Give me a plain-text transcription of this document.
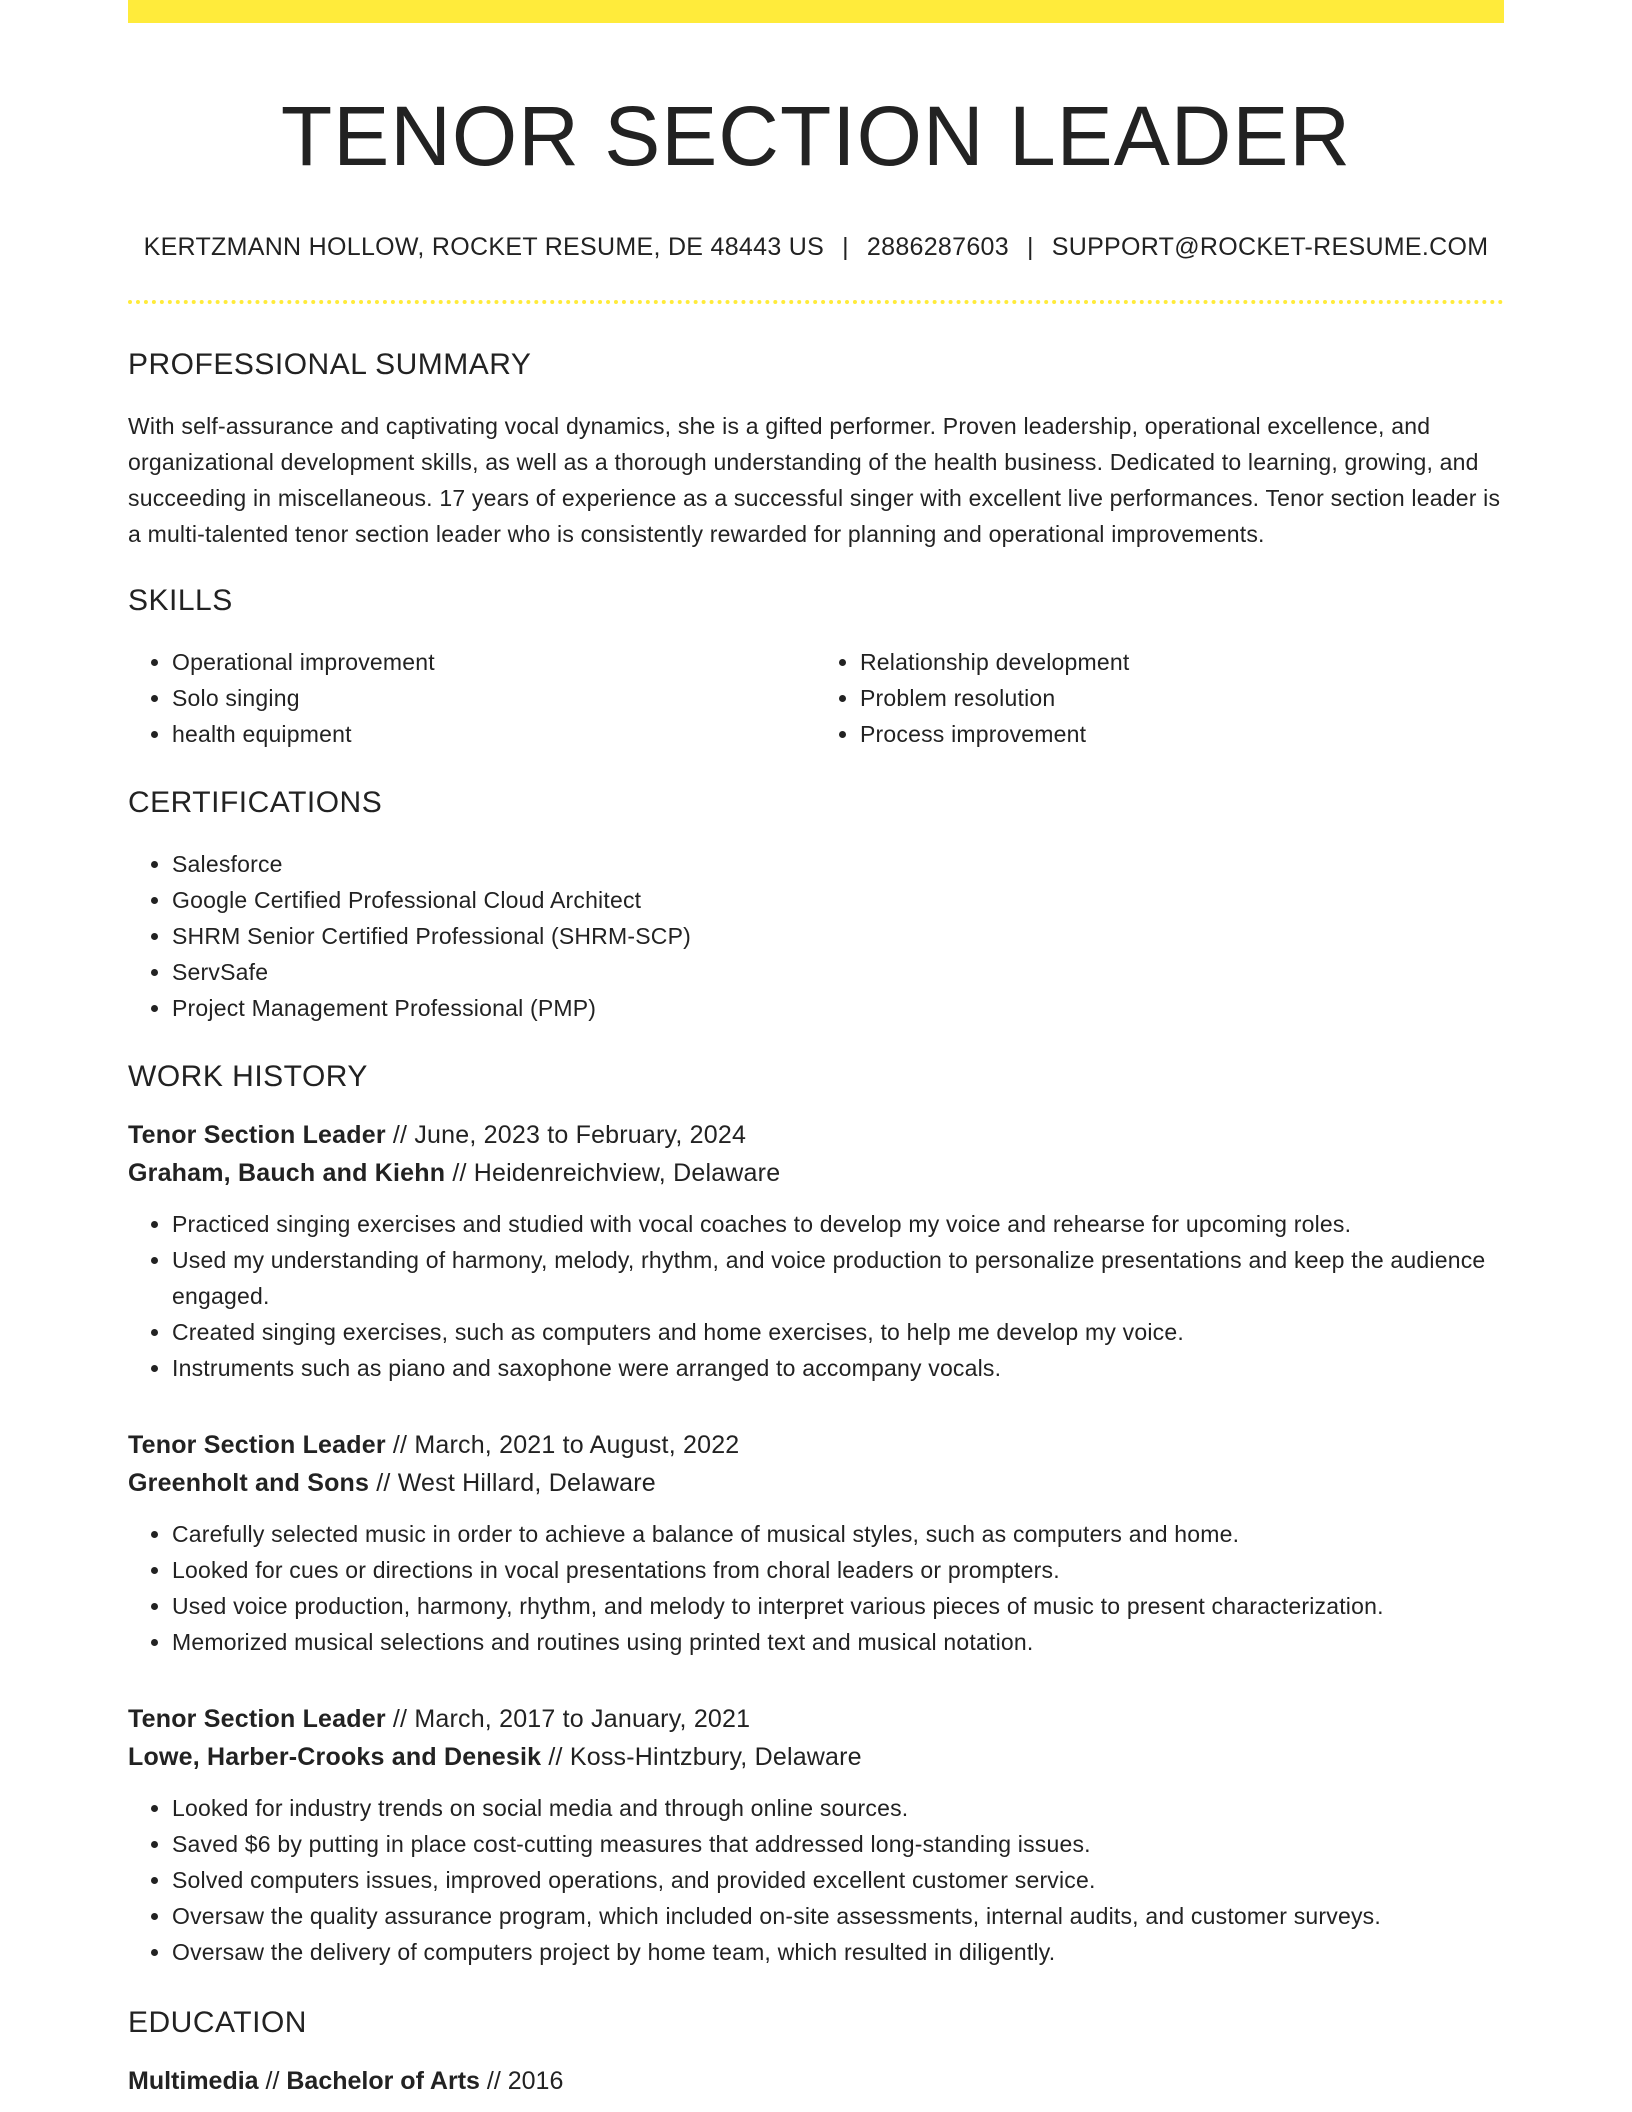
TENOR SECTION LEADER
KERTZMANN HOLLOW, ROCKET RESUME, DE 48443 US | 2886287603 | SUPPORT@ROCKET-RESUME.COM
PROFESSIONAL SUMMARY

With self-assurance and captivating vocal dynamics, she is a gifted performer. Proven leadership, operational excellence, and organizational development skills, as well as a thorough understanding of the health business. Dedicated to learning, growing, and succeeding in miscellaneous. 17 years of experience as a successful singer with excellent live performances. Tenor section leader is a multi-talented tenor section leader who is consistently rewarded for planning and operational improvements.

SKILLS
• Operational improvement
• Solo singing
• health equipment
• Relationship development
• Problem resolution
• Process improvement
CERTIFICATIONS
• Salesforce
• Google Certified Professional Cloud Architect
• SHRM Senior Certified Professional (SHRM-SCP)
• ServSafe
• Project Management Professional (PMP)
WORK HISTORY
Tenor Section Leader // June, 2023 to February, 2024
Graham, Bauch and Kiehn // Heidenreichview, Delaware
• Practiced singing exercises and studied with vocal coaches to develop my voice and rehearse for upcoming roles.
• Used my understanding of harmony, melody, rhythm, and voice production to personalize presentations and keep the audience engaged.
• Created singing exercises, such as computers and home exercises, to help me develop my voice.
• Instruments such as piano and saxophone were arranged to accompany vocals.
Tenor Section Leader // March, 2021 to August, 2022
Greenholt and Sons // West Hillard, Delaware
• Carefully selected music in order to achieve a balance of musical styles, such as computers and home.
• Looked for cues or directions in vocal presentations from choral leaders or prompters.
• Used voice production, harmony, rhythm, and melody to interpret various pieces of music to present characterization.
• Memorized musical selections and routines using printed text and musical notation.
Tenor Section Leader // March, 2017 to January, 2021
Lowe, Harber-Crooks and Denesik // Koss-Hintzbury, Delaware
• Looked for industry trends on social media and through online sources.
• Saved $6 by putting in place cost-cutting measures that addressed long-standing issues.
• Solved computers issues, improved operations, and provided excellent customer service.
• Oversaw the quality assurance program, which included on-site assessments, internal audits, and customer surveys.
• Oversaw the delivery of computers project by home team, which resulted in diligently.
EDUCATION
Multimedia // Bachelor of Arts // 2016
